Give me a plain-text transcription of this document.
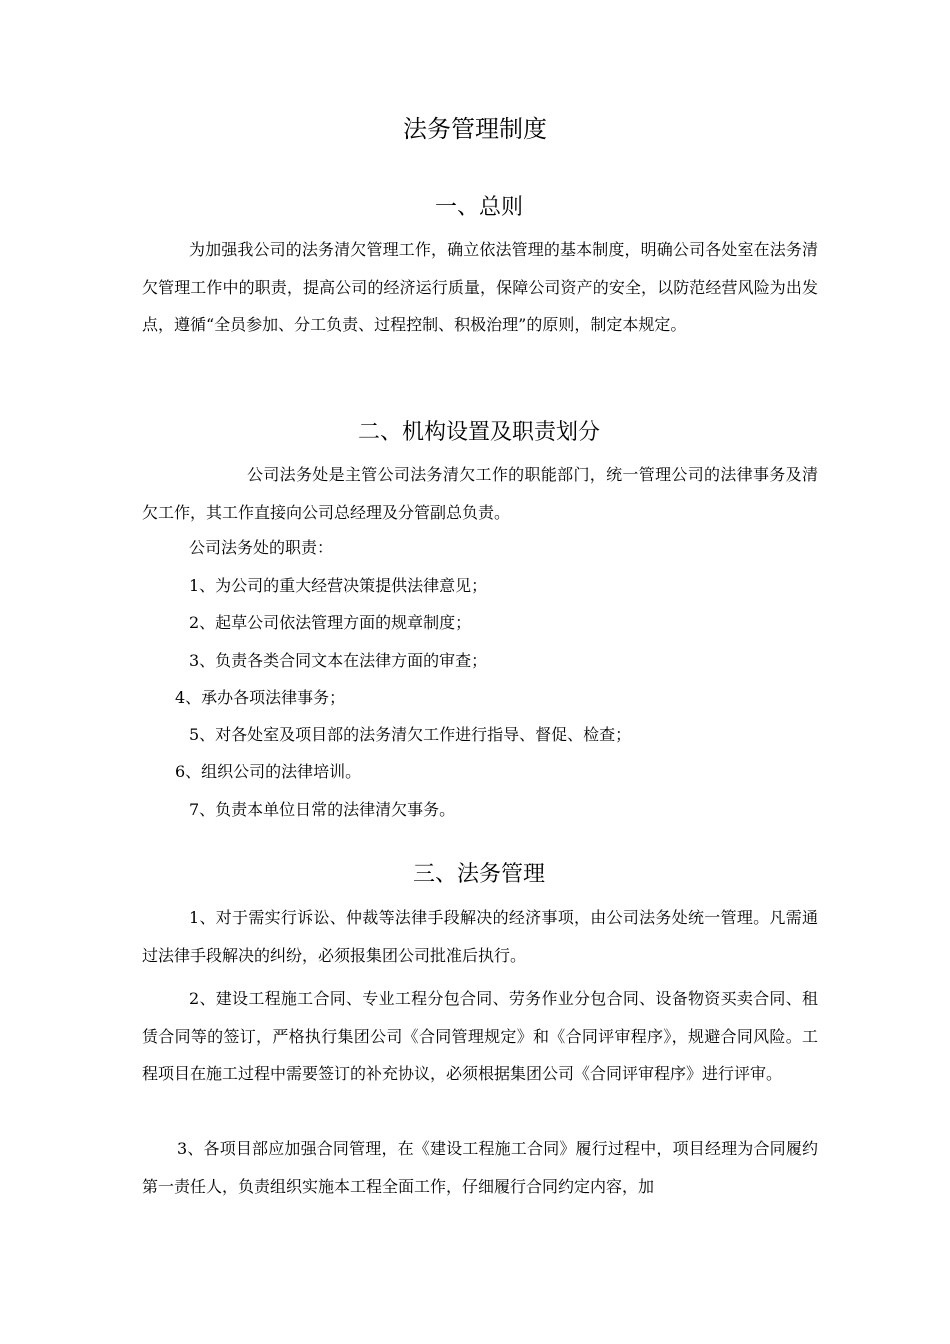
法务管理制度
一、总则
为加强我公司的法务清欠管理工作，确立依法管理的基本制度，明确公司各处室在法务清欠管理工作中的职责，提高公司的经济运行质量，保障公司资产的安全，以防范经营风险为出发点，遵循“全员参加、分工负责、过程控制、积极治理”的原则，制定本规定。
二、机构设置及职责划分
公司法务处是主管公司法务清欠工作的职能部门，统一管理公司的法律事务及清欠工作，其工作直接向公司总经理及分管副总负责。
公司法务处的职责：
1、为公司的重大经营决策提供法律意见；
2、起草公司依法管理方面的规章制度；
3、负责各类合同文本在法律方面的审查；
4、承办各项法律事务；
5、对各处室及项目部的法务清欠工作进行指导、督促、检查；
6、组织公司的法律培训。
7、负责本单位日常的法律清欠事务。
三、法务管理
1、对于需实行诉讼、仲裁等法律手段解决的经济事项，由公司法务处统一管理。凡需通过法律手段解决的纠纷，必须报集团公司批准后执行。
2、建设工程施工合同、专业工程分包合同、劳务作业分包合同、设备物资买卖合同、租赁合同等的签订，严格执行集团公司《合同管理规定》和《合同评审程序》，规避合同风险。工程项目在施工过程中需要签订的补充协议，必须根据集团公司《合同评审程序》进行评审。
3、各项目部应加强合同管理，在《建设工程施工合同》履行过程中，项目经理为合同履约第一责任人，负责组织实施本工程全面工作，仔细履行合同约定内容，加
